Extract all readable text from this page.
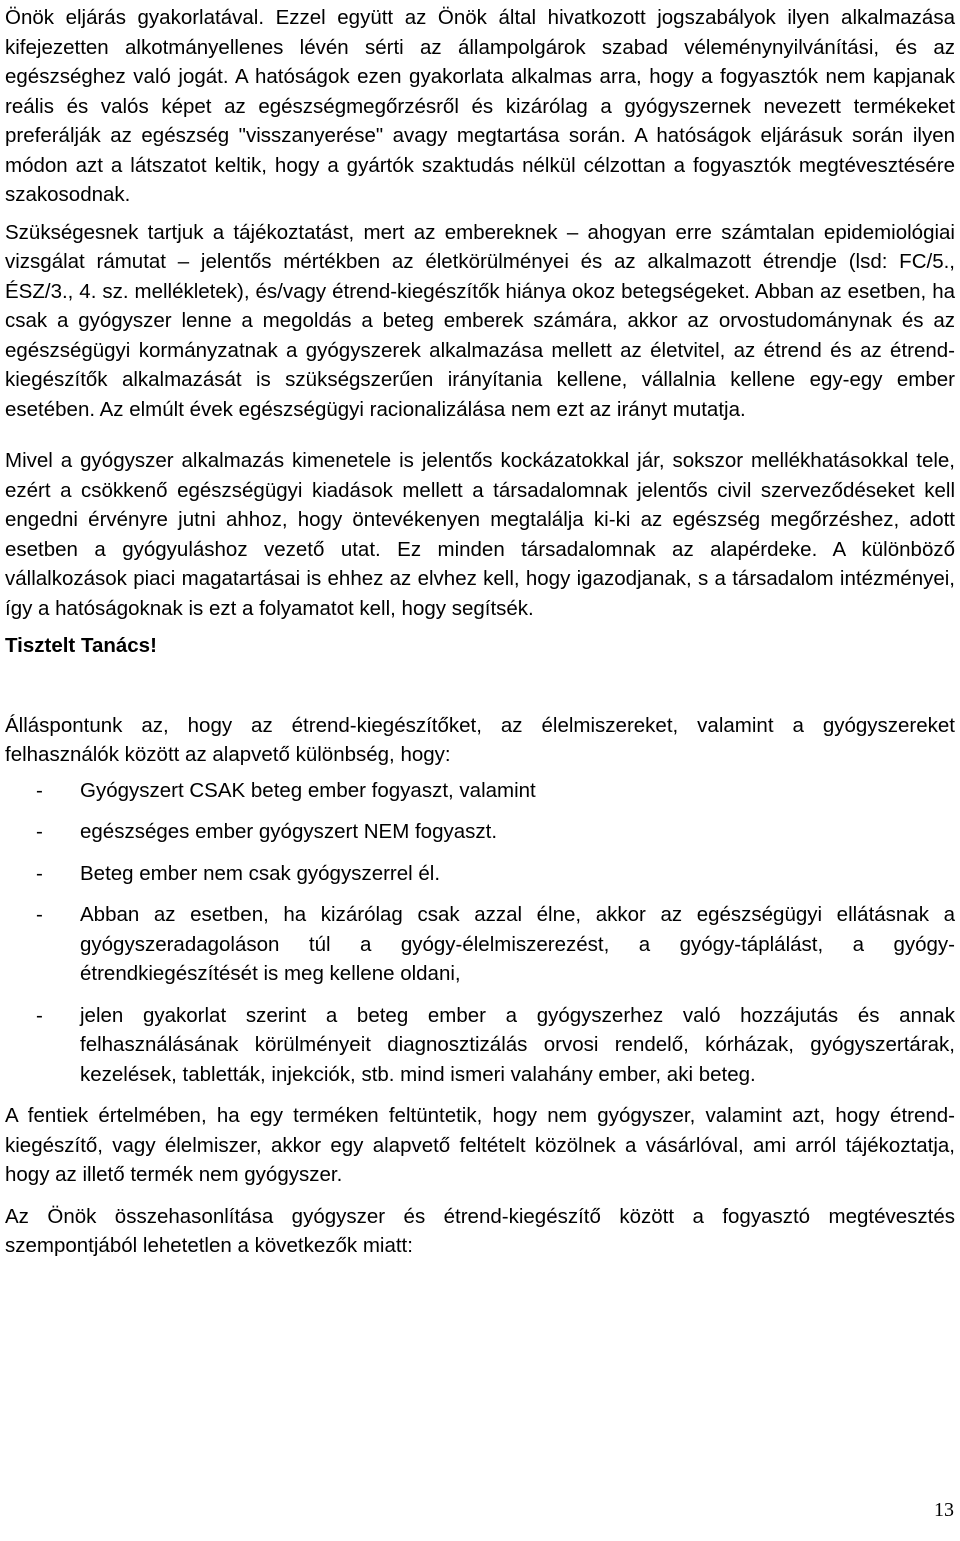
Önök eljárás gyakorlatával. Ezzel együtt az Önök által hivatkozott jogszabályok ilyen alkalmazása kifejezetten alkotmányellenes lévén sérti az állampolgárok szabad véleménynyilvánítási, és az egészséghez való jogát. A hatóságok ezen gyakorlata alkalmas arra, hogy a fogyasztók nem kapjanak reális és valós képet az egészségmegőrzésről és kizárólag a gyógyszernek nevezett termékeket preferálják az egészség "visszanyerése" avagy megtartása során. A hatóságok eljárásuk során ilyen módon azt a látszatot keltik, hogy a gyártók szaktudás nélkül célzottan a fogyasztók megtévesztésére szakosodnak.

Szükségesnek tartjuk a tájékoztatást, mert az embereknek – ahogyan erre számtalan epidemiológiai vizsgálat rámutat – jelentős mértékben az életkörülményei és az alkalmazott étrendje (lsd: FC/5., ÉSZ/3., 4. sz. mellékletek), és/vagy étrend-kiegészítők hiánya okoz betegségeket. Abban az esetben, ha csak a gyógyszer lenne a megoldás a beteg emberek számára, akkor az orvostudománynak és az egészségügyi kormányzatnak a gyógyszerek alkalmazása mellett az életvitel, az étrend és az étrend-kiegészítők alkalmazását is szükségszerűen irányítania kellene, vállalnia kellene egy-egy ember esetében. Az elmúlt évek egészségügyi racionalizálása nem ezt az irányt mutatja.

Mivel a gyógyszer alkalmazás kimenetele is jelentős kockázatokkal jár, sokszor mellékhatásokkal tele, ezért a csökkenő egészségügyi kiadások mellett a társadalomnak jelentős civil szerveződéseket kell engedni érvényre jutni ahhoz, hogy öntevékenyen megtalálja ki-ki az egészség megőrzéshez, adott esetben a gyógyuláshoz vezető utat. Ez minden társadalomnak az alapérdeke. A különböző vállalkozások piaci magatartásai is ehhez az elvhez kell, hogy igazodjanak, s a társadalom intézményei, így a hatóságoknak is ezt a folyamatot kell, hogy segítsék.

Tisztelt Tanács!

Álláspontunk az, hogy az étrend-kiegészítőket, az élelmiszereket, valamint a gyógyszereket felhasználók között az alapvető különbség, hogy:

- Gyógyszert CSAK beteg ember fogyaszt, valamint
- egészséges ember gyógyszert NEM fogyaszt.
- Beteg ember nem csak gyógyszerrel él.
- Abban az esetben, ha kizárólag csak azzal élne, akkor az egészségügyi ellátásnak a gyógyszeradagoláson túl a gyógy-élelmiszerezést, a gyógy-táplálást, a gyógy-étrendkiegészítését is meg kellene oldani,
- jelen gyakorlat szerint a beteg ember a gyógyszerhez való hozzájutás és annak felhasználásának körülményeit diagnosztizálás orvosi rendelő, kórházak, gyógyszertárak, kezelések, tabletták, injekciók, stb. mind ismeri valahány ember, aki beteg.

A fentiek értelmében, ha egy terméken feltüntetik, hogy nem gyógyszer, valamint azt, hogy étrend-kiegészítő, vagy élelmiszer, akkor egy alapvető feltételt közölnek a vásárlóval, ami arról tájékoztatja, hogy az illető termék nem gyógyszer.

Az Önök összehasonlítása gyógyszer és étrend-kiegészítő között a fogyasztó megtévesztés szempontjából lehetetlen a következők miatt:

13
